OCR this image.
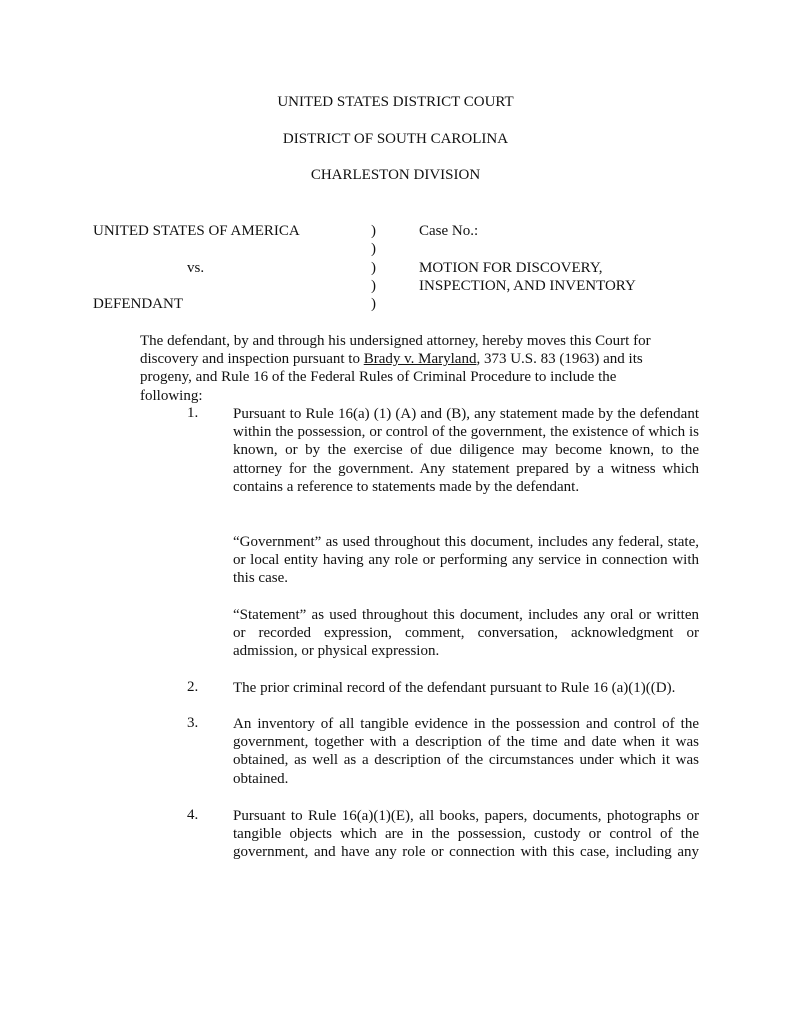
UNITED STATES DISTRICT COURT
DISTRICT OF SOUTH CAROLINA
CHARLESTON DIVISION
UNITED STATES OF AMERICA
vs.
DEFENDANT
)
)
)
)
)
Case No.:
MOTION FOR DISCOVERY,
INSPECTION, AND INVENTORY
The defendant, by and through his undersigned attorney, hereby moves this Court for discovery and inspection pursuant to Brady v. Maryland, 373 U.S. 83 (1963) and its progeny, and Rule 16 of the Federal Rules of Criminal Procedure to include the following:
1. Pursuant to Rule 16(a) (1) (A) and (B), any statement made by the defendant within the possession, or control of the government, the existence of which is known, or by the exercise of due diligence may become known, to the attorney for the government. Any statement prepared by a witness which contains a reference to statements made by the defendant.
“Government” as used throughout this document, includes any federal, state, or local entity having any role or performing any service in connection with this case.
“Statement” as used throughout this document, includes any oral or written or recorded expression, comment, conversation, acknowledgment or admission, or physical expression.
2. The prior criminal record of the defendant pursuant to Rule 16 (a)(1)((D).
3. An inventory of all tangible evidence in the possession and control of the government, together with a description of the time and date when it was obtained, as well as a description of the circumstances under which it was obtained.
4. Pursuant to Rule 16(a)(1)(E), all books, papers, documents, photographs or tangible objects which are in the possession, custody or control of the government, and have any role or connection with this case, including any
